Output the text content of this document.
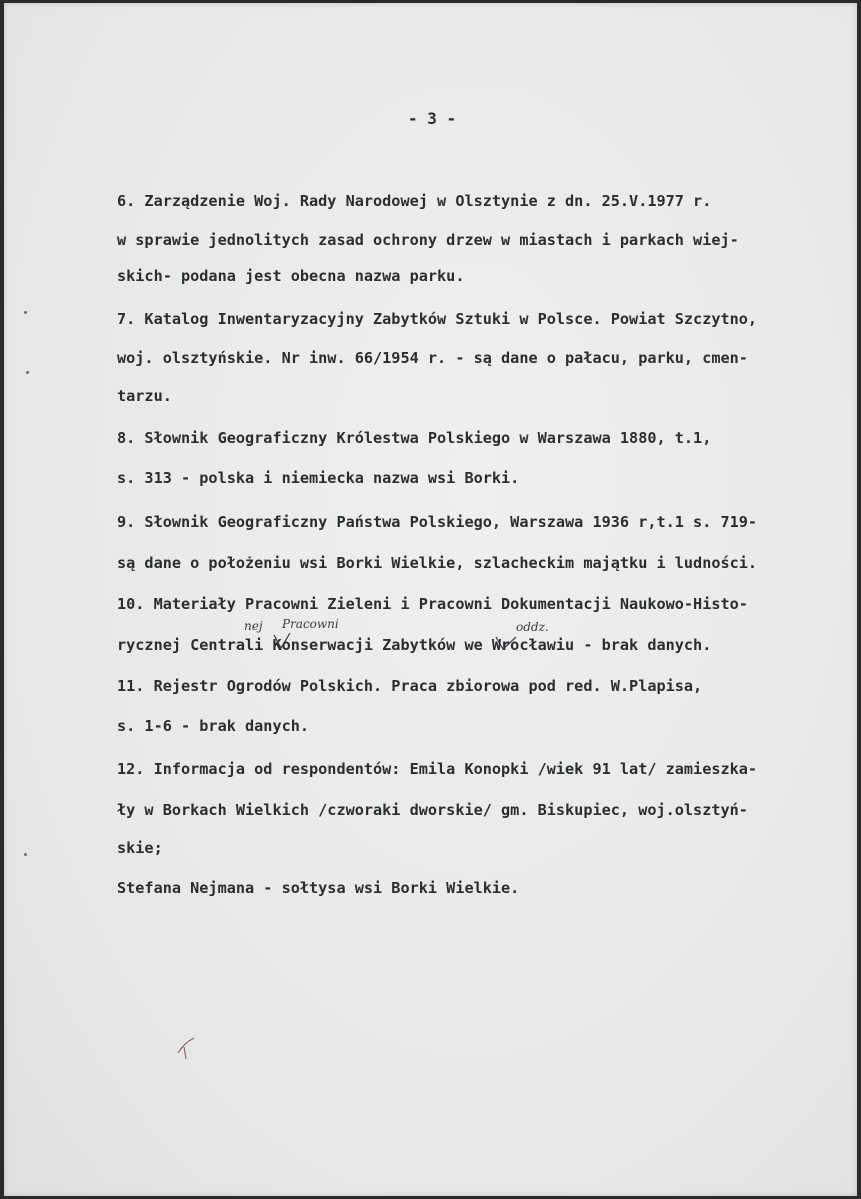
- 3 -
6. Zarządzenie Woj. Rady Narodowej w Olsztynie z dn. 25.V.1977 r.
w sprawie jednolitych zasad ochrony drzew w miastach i parkach wiej-
skich- podana jest obecna nazwa parku.
7. Katalog Inwentaryzacyjny Zabytków Sztuki w Polsce. Powiat Szczytno,
woj. olsztyńskie. Nr inw. 66/1954 r. - są dane o pałacu, parku, cmen-
tarzu.
8. Słownik Geograficzny Królestwa Polskiego w Warszawa 1880, t.1,
s. 313 - polska i niemiecka nazwa wsi Borki.
9. Słownik Geograficzny Państwa Polskiego, Warszawa 1936 r,t.1 s. 719-
są dane o położeniu wsi Borki Wielkie, szlacheckim majątku i ludności.
10. Materiały Pracowni Zieleni i Pracowni Dokumentacji Naukowo-Histo-
rycznej Centrali Konserwacji Zabytków we Wrocławiu - brak danych.
11. Rejestr Ogrodów Polskich. Praca zbiorowa pod red. W.Plapisa,
s. 1-6 - brak danych.
12. Informacja od respondentów: Emila Konopki /wiek 91 lat/ zamieszka-
ły w Borkach Wielkich /czworaki dworskie/ gm. Biskupiec, woj.olsztyń-
skie;
Stefana Nejmana - sołtysa wsi Borki Wielkie.
nej Pracowni	oddz.
